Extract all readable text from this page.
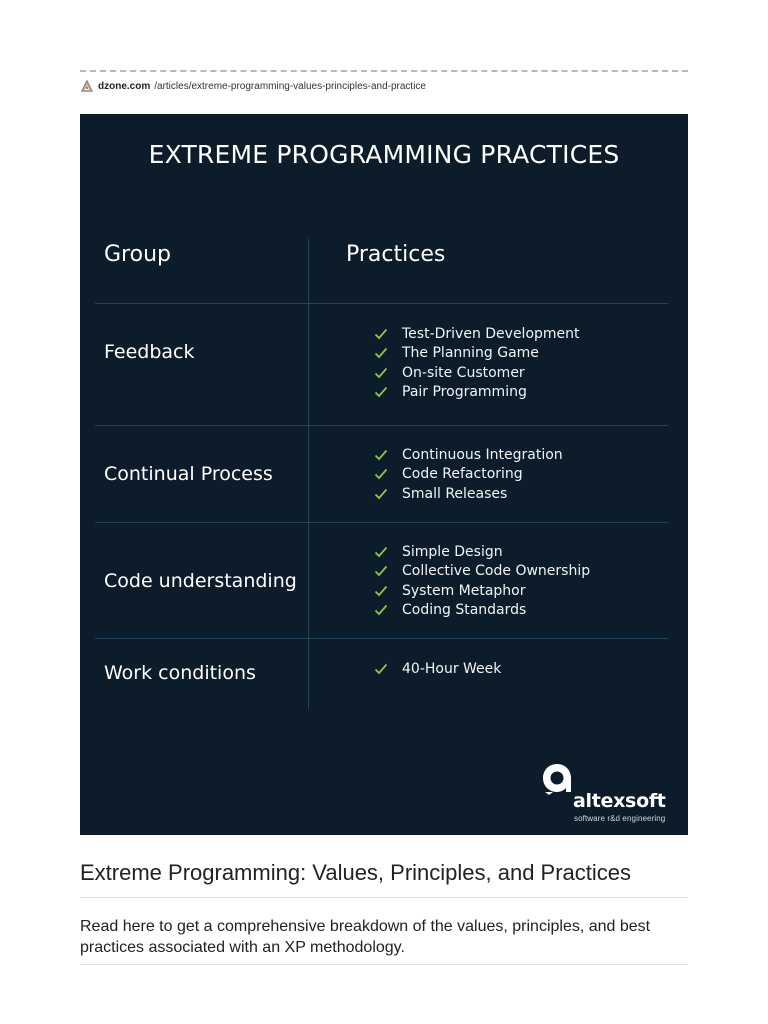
dzone.com /articles/extreme-programming-values-principles-and-practice
EXTREME PROGRAMMING PRACTICES
Group	Practices
Feedback
Test-Driven Development
The Planning Game
On-site Customer
Pair Programming
Continual Process
Continuous Integration
Code Refactoring
Small Releases
Code understanding
Simple Design
Collective Code Ownership
System Metaphor
Coding Standards
Work conditions	40-Hour Week
altexsoft
software r&d engineering
Extreme Programming: Values, Principles, and Practices
Read here to get a comprehensive breakdown of the values, principles, and best practices associated with an XP methodology.
